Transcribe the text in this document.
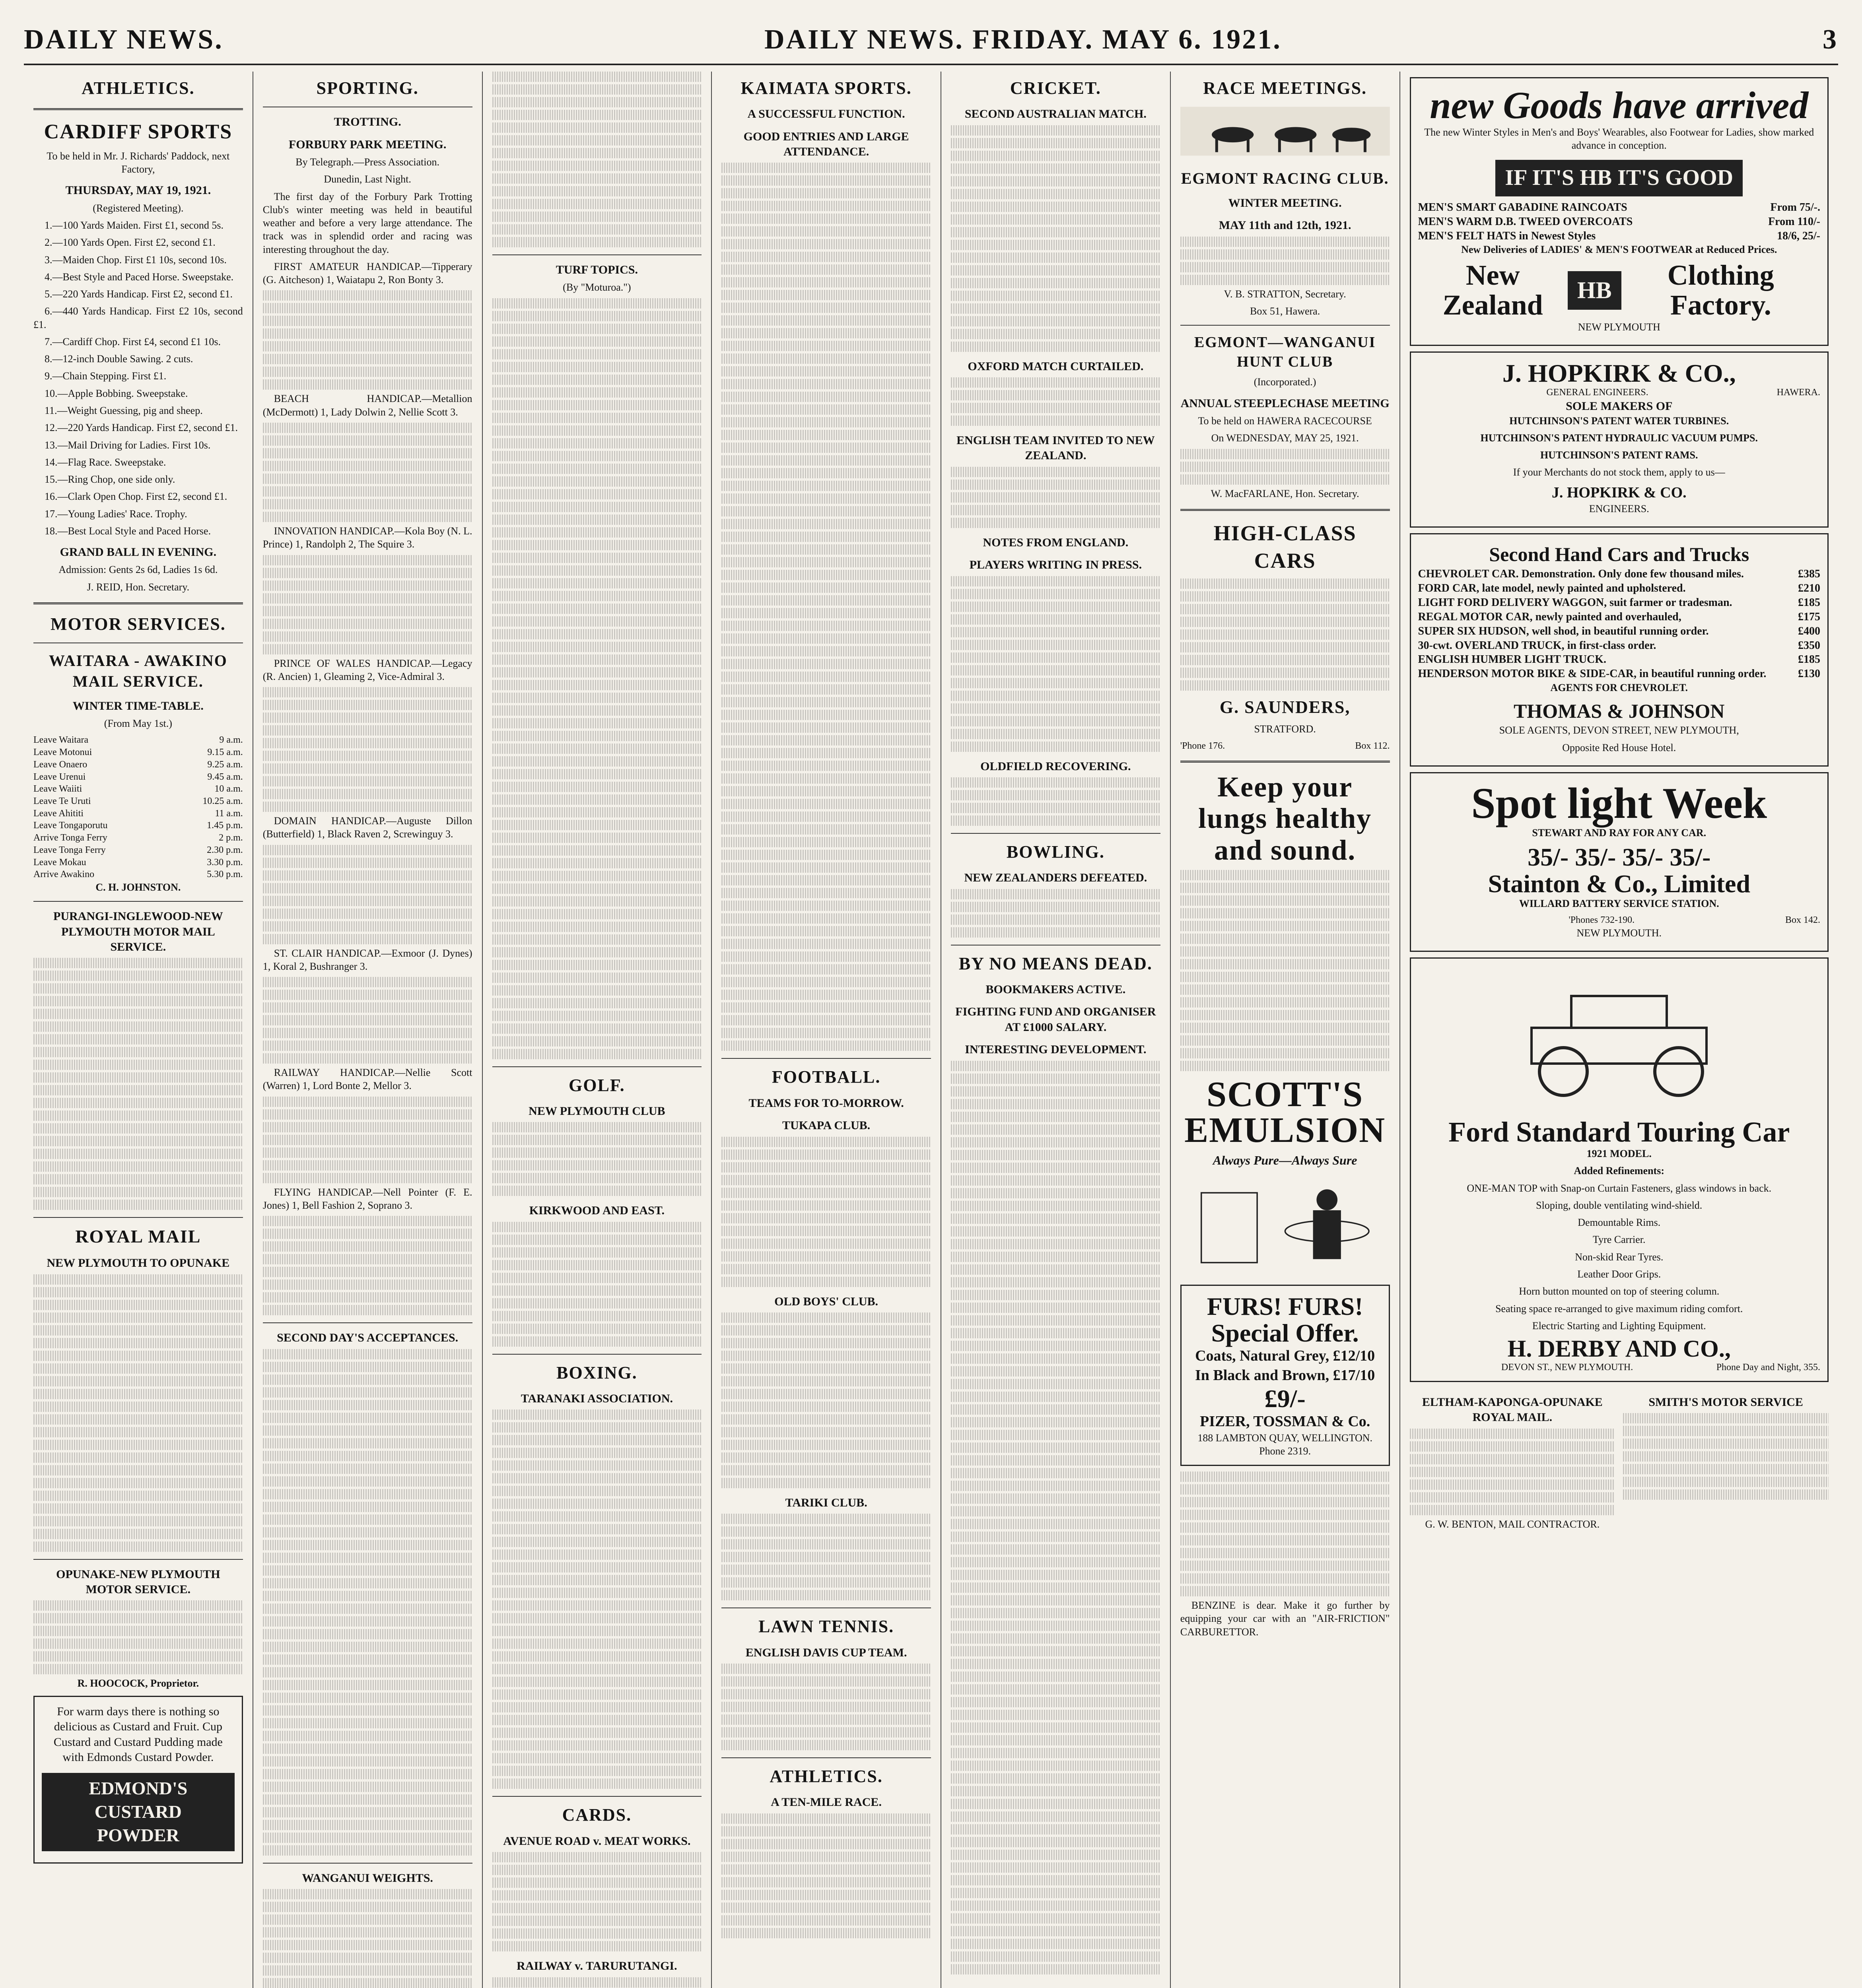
DAILY NEWS.	DAILY NEWS. FRIDAY. MAY 6. 1921.	3
ATHLETICS.
CARDIFF SPORTS

To be held in Mr. J. Richards' Paddock, next Factory,

THURSDAY, MAY 19, 1921.

(Registered Meeting).

1.—100 Yards Maiden. First £1, second 5s.

2.—100 Yards Open. First £2, second £1.

3.—Maiden Chop. First £1 10s, second 10s.

4.—Best Style and Paced Horse. Sweepstake.

5.—220 Yards Handicap. First £2, second £1.

6.—440 Yards Handicap. First £2 10s, second £1.

7.—Cardiff Chop. First £4, second £1 10s.

8.—12-inch Double Sawing. 2 cuts.

9.—Chain Stepping. First £1.

10.—Apple Bobbing. Sweepstake.

11.—Weight Guessing, pig and sheep.

12.—220 Yards Handicap. First £2, second £1.

13.—Mail Driving for Ladies. First 10s.

14.—Flag Race. Sweepstake.

15.—Ring Chop, one side only.

16.—Clark Open Chop. First £2, second £1.

17.—Young Ladies' Race. Trophy.

18.—Best Local Style and Paced Horse.

GRAND BALL IN EVENING.

Admission: Gents 2s 6d, Ladies 1s 6d.

J. REID, Hon. Secretary.

MOTOR SERVICES.
WAITARA - AWAKINO MAIL SERVICE.
WINTER TIME-TABLE.

(From May 1st.)

Leave Waitara	9 a.m.
Leave Motonui	9.15 a.m.
Leave Onaero	9.25 a.m.
Leave Urenui	9.45 a.m.
Leave Waiiti	10 a.m.
Leave Te Uruti	10.25 a.m.
Leave Ahititi	11 a.m.
Leave Tongaporutu	1.45 p.m.
Arrive Tonga Ferry	2 p.m.
Leave Tonga Ferry	2.30 p.m.
Leave Mokau	3.30 p.m.
Arrive Awakino	5.30 p.m.

C. H. JOHNSTON.

PURANGI-INGLEWOOD-NEW PLYMOUTH MOTOR MAIL SERVICE.
ROYAL MAIL
NEW PLYMOUTH TO OPUNAKE
OPUNAKE-NEW PLYMOUTH MOTOR SERVICE.

R. HOOCOCK, Proprietor.

For warm days there is nothing so delicious as Custard and Fruit. Cup Custard and Custard Pudding made with Edmonds Custard Powder.

EDMOND'S CUSTARD POWDER
SPORTING.
TROTTING.
FORBURY PARK MEETING.

By Telegraph.—Press Association.

Dunedin, Last Night.

The first day of the Forbury Park Trotting Club's winter meeting was held in beautiful weather and before a very large attendance. The track was in splendid order and racing was interesting throughout the day.

FIRST AMATEUR HANDICAP.—Tipperary (G. Aitcheson) 1, Waiatapu 2, Ron Bonty 3.

BEACH HANDICAP.—Metallion (McDermott) 1, Lady Dolwin 2, Nellie Scott 3.

INNOVATION HANDICAP.—Kola Boy (N. L. Prince) 1, Randolph 2, The Squire 3.

PRINCE OF WALES HANDICAP.—Legacy (R. Ancien) 1, Gleaming 2, Vice-Admiral 3.

DOMAIN HANDICAP.—Auguste Dillon (Butterfield) 1, Black Raven 2, Screwinguy 3.

ST. CLAIR HANDICAP.—Exmoor (J. Dynes) 1, Koral 2, Bushranger 3.

RAILWAY HANDICAP.—Nellie Scott (Warren) 1, Lord Bonte 2, Mellor 3.

FLYING HANDICAP.—Nell Pointer (F. E. Jones) 1, Bell Fashion 2, Soprano 3.

SECOND DAY'S ACCEPTANCES.
WANGANUI WEIGHTS.
TURF TOPICS.

(By "Moturoa.")

GOLF.
NEW PLYMOUTH CLUB
KIRKWOOD AND EAST.
BOXING.
TARANAKI ASSOCIATION.
CARDS.
AVENUE ROAD v. MEAT WORKS.
RAILWAY v. TARURUTANGI.
KAIMATA SPORTS.
A SUCCESSFUL FUNCTION.
GOOD ENTRIES AND LARGE ATTENDANCE.
FOOTBALL.
TEAMS FOR TO-MORROW.
TUKAPA CLUB.
OLD BOYS' CLUB.
TARIKI CLUB.
LAWN TENNIS.
ENGLISH DAVIS CUP TEAM.
ATHLETICS.
A TEN-MILE RACE.
CRICKET.
SECOND AUSTRALIAN MATCH.
OXFORD MATCH CURTAILED.
ENGLISH TEAM INVITED TO NEW ZEALAND.
NOTES FROM ENGLAND.
PLAYERS WRITING IN PRESS.
OLDFIELD RECOVERING.
BOWLING.
NEW ZEALANDERS DEFEATED.
BY NO MEANS DEAD.
BOOKMAKERS ACTIVE.
FIGHTING FUND AND ORGANISER AT £1000 SALARY.
INTERESTING DEVELOPMENT.
RACE MEETINGS.
EGMONT RACING CLUB.
WINTER MEETING.
MAY 11th and 12th, 1921.

V. B. STRATTON, Secretary.

Box 51, Hawera.

EGMONT—WANGANUI HUNT CLUB

(Incorporated.)

ANNUAL STEEPLECHASE MEETING

To be held on HAWERA RACECOURSE

On WEDNESDAY, MAY 25, 1921.

W. MacFARLANE, Hon. Secretary.

HIGH-CLASS CARS
G. SAUNDERS,

STRATFORD.

'Phone 176.	Box 112.
Keep your lungs healthy and sound.
SCOTT'S EMULSION

Always Pure—Always Sure

FURS! FURS! Special Offer.
Coats, Natural Grey, £12/10 In Black and Brown, £17/10
£9/-
PIZER, TOSSMAN & Co.
188 LAMBTON QUAY, WELLINGTON.
Phone 2319.

BENZINE is dear. Make it go further by equipping your car with an "AIR-FRICTION" CARBURETTOR.

new Goods have arrived

The new Winter Styles in Men's and Boys' Wearables, also Footwear for Ladies, show marked advance in conception.

IF IT'S HB IT'S GOOD
MEN'S SMART GABADINE RAINCOATS	From 75/-.
MEN'S WARM D.B. TWEED OVERCOATS	From 110/-
MEN'S FELT HATS in Newest Styles	18/6, 25/-

New Deliveries of LADIES' & MEN'S FOOTWEAR at Reduced Prices.

New Zealand	HB	Clothing Factory.

NEW PLYMOUTH

J. HOPKIRK & CO.,
GENERAL ENGINEERS.	HAWERA.
SOLE MAKERS OF

HUTCHINSON'S PATENT WATER TURBINES.

HUTCHINSON'S PATENT HYDRAULIC VACUUM PUMPS.

HUTCHINSON'S PATENT RAMS.

If your Merchants do not stock them, apply to us—

J. HOPKIRK & CO.

ENGINEERS.

Second Hand Cars and Trucks
CHEVROLET CAR. Demonstration. Only done few thousand miles.	£385
FORD CAR, late model, newly painted and upholstered.	£210
LIGHT FORD DELIVERY WAGGON, suit farmer or tradesman.	£185
REGAL MOTOR CAR, newly painted and overhauled,	£175
SUPER SIX HUDSON, well shod, in beautiful running order.	£400
30-cwt. OVERLAND TRUCK, in first-class order.	£350
ENGLISH HUMBER LIGHT TRUCK.	£185
HENDERSON MOTOR BIKE & SIDE-CAR, in beautiful running order.	£130

AGENTS FOR CHEVROLET.

THOMAS & JOHNSON

SOLE AGENTS, DEVON STREET, NEW PLYMOUTH,

Opposite Red House Hotel.

Spot light Week

STEWART AND RAY FOR ANY CAR.

35/- 35/- 35/- 35/-
Stainton & Co., Limited

WILLARD BATTERY SERVICE STATION.

'Phones 732-190.	Box 142.

NEW PLYMOUTH.

Ford Standard Touring Car

1921 MODEL.

Added Refinements:

ONE-MAN TOP with Snap-on Curtain Fasteners, glass windows in back.

Sloping, double ventilating wind-shield.

Demountable Rims.

Tyre Carrier.

Non-skid Rear Tyres.

Leather Door Grips.

Horn button mounted on top of steering column.

Seating space re-arranged to give maximum riding comfort.

Electric Starting and Lighting Equipment.

H. DERBY AND CO.,
DEVON ST., NEW PLYMOUTH.	Phone Day and Night, 355.
ELTHAM-KAPONGA-OPUNAKE ROYAL MAIL.

G. W. BENTON, MAIL CONTRACTOR.

SMITH'S MOTOR SERVICE
